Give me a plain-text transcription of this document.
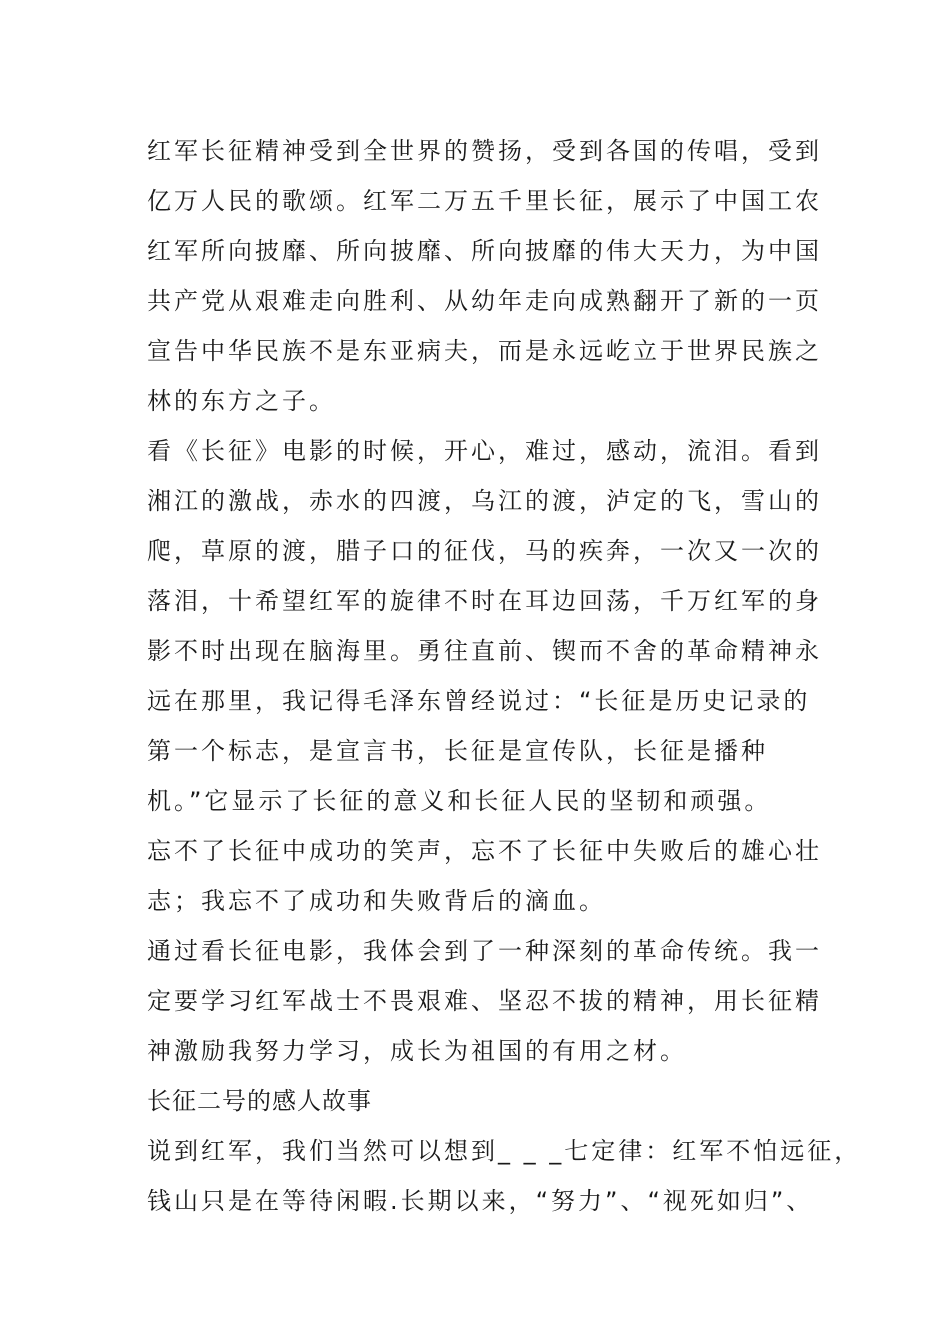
红军长征精神受到全世界的赞扬，受到各国的传唱，受到
亿万人民的歌颂。红军二万五千里长征，展示了中国工农
红军所向披靡、所向披靡、所向披靡的伟大天力，为中国
共产党从艰难走向胜利、从幼年走向成熟翻开了新的一页
宣告中华民族不是东亚病夫，而是永远屹立于世界民族之
林的东方之子。
看《长征》电影的时候，开心，难过，感动，流泪。看到
湘江的激战，赤水的四渡，乌江的渡，泸定的飞，雪山的
爬，草原的渡，腊子口的征伐，马的疾奔，一次又一次的
落泪，十希望红军的旋律不时在耳边回荡，千万红军的身
影不时出现在脑海里。勇往直前、锲而不舍的革命精神永
远在那里，我记得毛泽东曾经说过：“长征是历史记录的
第一个标志，是宣言书，长征是宣传队，长征是播种
机。”它显示了长征的意义和长征人民的坚韧和顽强。
忘不了长征中成功的笑声，忘不了长征中失败后的雄心壮
志；我忘不了成功和失败背后的滴血。
通过看长征电影，我体会到了一种深刻的革命传统。我一
定要学习红军战士不畏艰难、坚忍不拔的精神，用长征精
神激励我努力学习，成长为祖国的有用之材。
长征二号的感人故事
说到红军，我们当然可以想到_ _ _七定律：红军不怕远征，
钱山只是在等待闲暇.长期以来，“努力”、“视死如归”、
